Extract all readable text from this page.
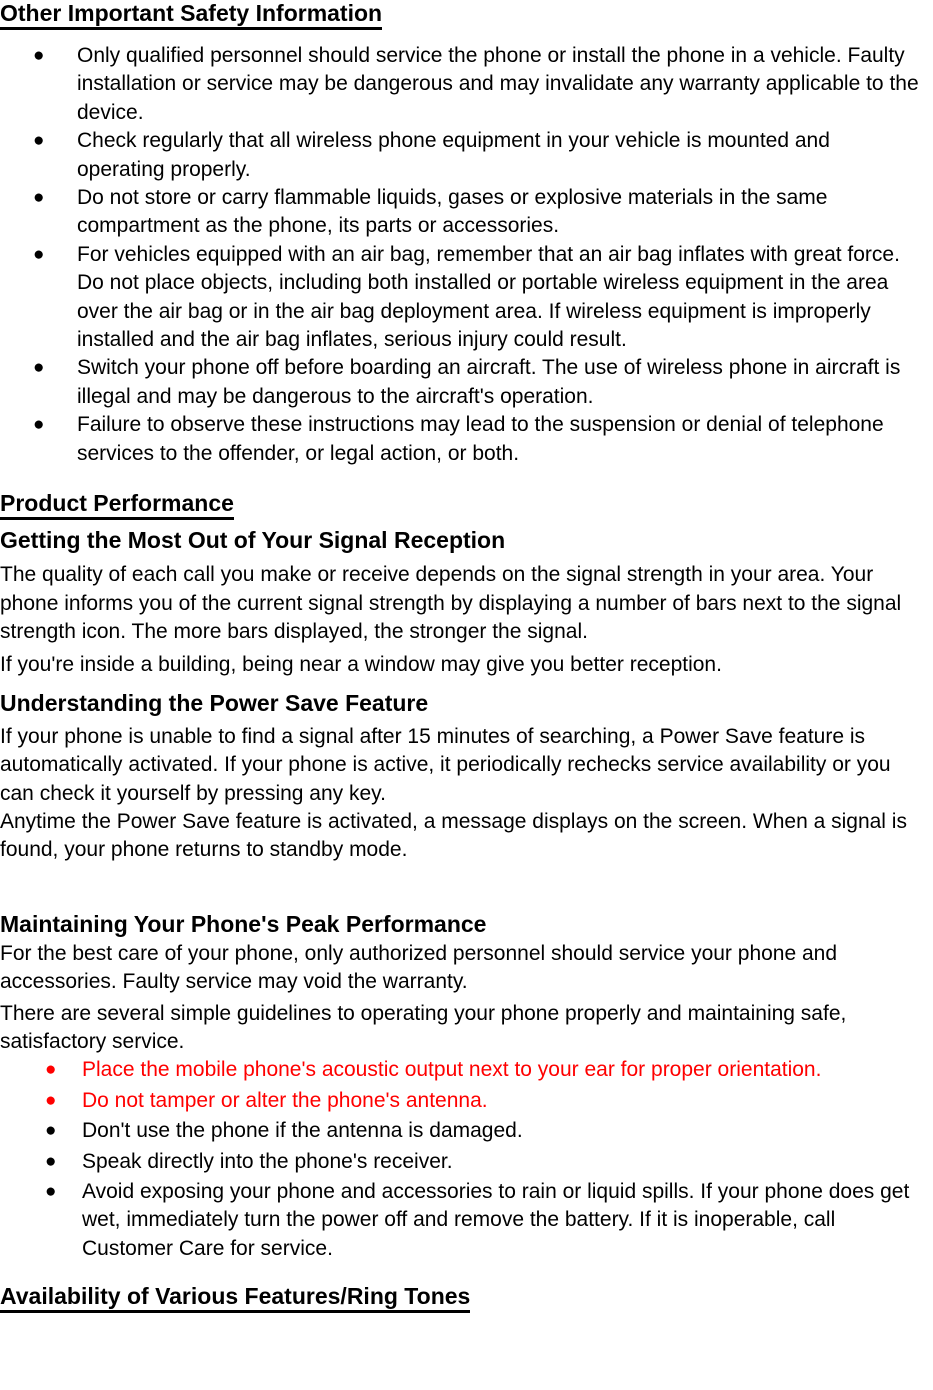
Other Important Safety Information
● Only qualified personnel should service the phone or install the phone in a vehicle. Faulty installation or service may be dangerous and may invalidate any warranty applicable to the device.
● Check regularly that all wireless phone equipment in your vehicle is mounted and operating properly.
● Do not store or carry flammable liquids, gases or explosive materials in the same compartment as the phone, its parts or accessories.
● For vehicles equipped with an air bag, remember that an air bag inflates with great force. Do not place objects, including both installed or portable wireless equipment in the area over the air bag or in the air bag deployment area. If wireless equipment is improperly installed and the air bag inflates, serious injury could result.
● Switch your phone off before boarding an aircraft. The use of wireless phone in aircraft is illegal and may be dangerous to the aircraft's operation.
● Failure to observe these instructions may lead to the suspension or denial of telephone services to the offender, or legal action, or both.
Product Performance
Getting the Most Out of Your Signal Reception

The quality of each call you make or receive depends on the signal strength in your area. Your phone informs you of the current signal strength by displaying a number of bars next to the signal strength icon. The more bars displayed, the stronger the signal.

If you're inside a building, being near a window may give you better reception.

Understanding the Power Save Feature

If your phone is unable to find a signal after 15 minutes of searching, a Power Save feature is automatically activated. If your phone is active, it periodically rechecks service availability or you can check it yourself by pressing any key.

Anytime the Power Save feature is activated, a message displays on the screen. When a signal is found, your phone returns to standby mode.

Maintaining Your Phone's Peak Performance

For the best care of your phone, only authorized personnel should service your phone and accessories. Faulty service may void the warranty.

There are several simple guidelines to operating your phone properly and maintaining safe, satisfactory service.

● Place the mobile phone's acoustic output next to your ear for proper orientation.
● Do not tamper or alter the phone's antenna.
● Don't use the phone if the antenna is damaged.
● Speak directly into the phone's receiver.
● Avoid exposing your phone and accessories to rain or liquid spills. If your phone does get wet, immediately turn the power off and remove the battery. If it is inoperable, call Customer Care for service.
Availability of Various Features/Ring Tones
